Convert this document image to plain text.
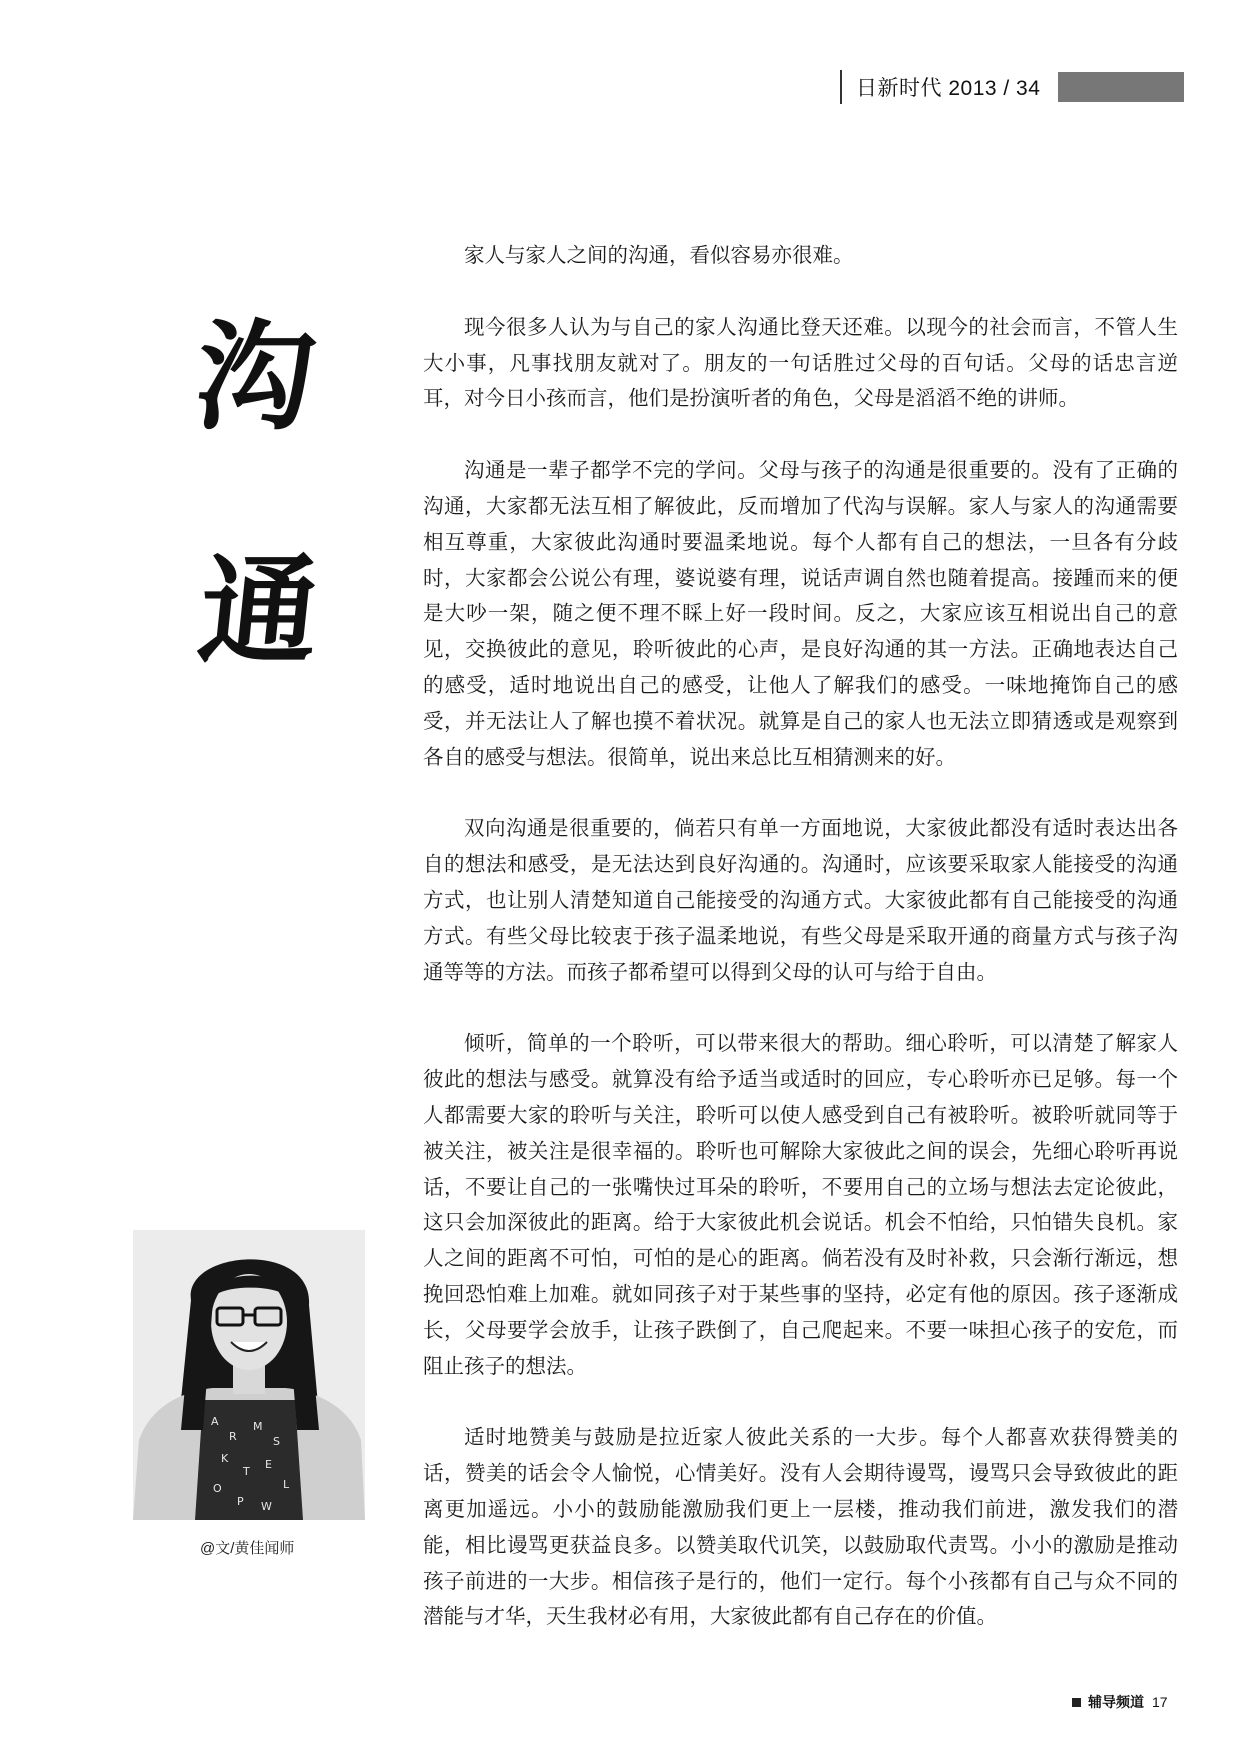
日新时代 2013 / 34
沟
通

家人与家人之间的沟通，看似容易亦很难。

现今很多人认为与自己的家人沟通比登天还难。以现今的社会而言，不管人生大小事，凡事找朋友就对了。朋友的一句话胜过父母的百句话。父母的话忠言逆耳，对今日小孩而言，他们是扮演听者的角色，父母是滔滔不绝的讲师。

沟通是一辈子都学不完的学问。父母与孩子的沟通是很重要的。没有了正确的沟通，大家都无法互相了解彼此，反而增加了代沟与误解。家人与家人的沟通需要相互尊重，大家彼此沟通时要温柔地说。每个人都有自己的想法，一旦各有分歧时，大家都会公说公有理，婆说婆有理，说话声调自然也随着提高。接踵而来的便是大吵一架，随之便不理不睬上好一段时间。反之，大家应该互相说出自己的意见，交换彼此的意见，聆听彼此的心声，是良好沟通的其一方法。正确地表达自己的感受，适时地说出自己的感受，让他人了解我们的感受。一味地掩饰自己的感受，并无法让人了解也摸不着状况。就算是自己的家人也无法立即猜透或是观察到各自的感受与想法。很简单，说出来总比互相猜测来的好。

双向沟通是很重要的，倘若只有单一方面地说，大家彼此都没有适时表达出各自的想法和感受，是无法达到良好沟通的。沟通时，应该要采取家人能接受的沟通方式，也让别人清楚知道自己能接受的沟通方式。大家彼此都有自己能接受的沟通方式。有些父母比较衷于孩子温柔地说，有些父母是采取开通的商量方式与孩子沟通等等的方法。而孩子都希望可以得到父母的认可与给于自由。

倾听，简单的一个聆听，可以带来很大的帮助。细心聆听，可以清楚了解家人彼此的想法与感受。就算没有给予适当或适时的回应，专心聆听亦已足够。每一个人都需要大家的聆听与关注，聆听可以使人感受到自己有被聆听。被聆听就同等于被关注，被关注是很幸福的。聆听也可解除大家彼此之间的误会，先细心聆听再说话，不要让自己的一张嘴快过耳朵的聆听，不要用自己的立场与想法去定论彼此，这只会加深彼此的距离。给于大家彼此机会说话。机会不怕给，只怕错失良机。家人之间的距离不可怕，可怕的是心的距离。倘若没有及时补救，只会渐行渐远，想挽回恐怕难上加难。就如同孩子对于某些事的坚持，必定有他的原因。孩子逐渐成长，父母要学会放手，让孩子跌倒了，自己爬起来。不要一味担心孩子的安危，而阻止孩子的想法。

适时地赞美与鼓励是拉近家人彼此关系的一大步。每个人都喜欢获得赞美的话，赞美的话会令人愉悦，心情美好。没有人会期待谩骂，谩骂只会导致彼此的距离更加遥远。小小的鼓励能激励我们更上一层楼，推动我们前进，激发我们的潜能，相比谩骂更获益良多。以赞美取代讥笑，以鼓励取代责骂。小小的激励是推动孩子前进的一大步。相信孩子是行的，他们一定行。每个小孩都有自己与众不同的潜能与才华，天生我材必有用，大家彼此都有自己存在的价值。

A
R
M
S
K
T
E
L
O
P W
@文/黄佳闻师
辅导频道 17
